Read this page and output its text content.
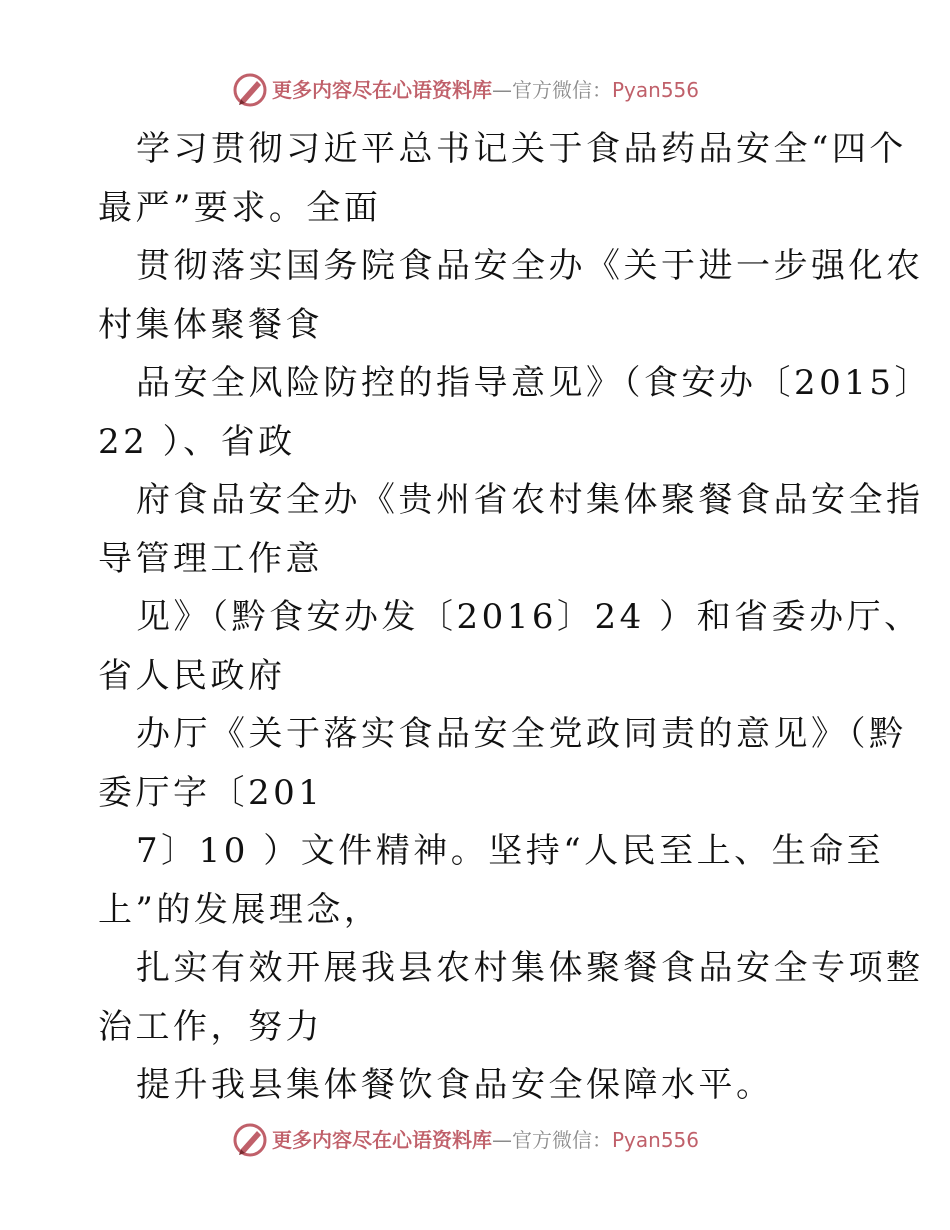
更多内容尽在心语资料库—官方微信：Pyan556
学习贯彻习近平总书记关于食品药品安全“四个
最严”要求。全面
贯彻落实国务院食品安全办《关于进一步强化农
村集体聚餐食
品安全风险防控的指导意见》（食安办〔2015〕
22 ）、省政
府食品安全办《贵州省农村集体聚餐食品安全指
导管理工作意
见》（黔食安办发〔2016〕24 ）和省委办厅、
省人民政府
办厅《关于落实食品安全党政同责的意见》（黔
委厅字〔201
7〕10 ）文件精神。坚持“人民至上、生命至
上”的发展理念，
扎实有效开展我县农村集体聚餐食品安全专项整
治工作，努力
提升我县集体餐饮食品安全保障水平。
更多内容尽在心语资料库—官方微信：Pyan556
